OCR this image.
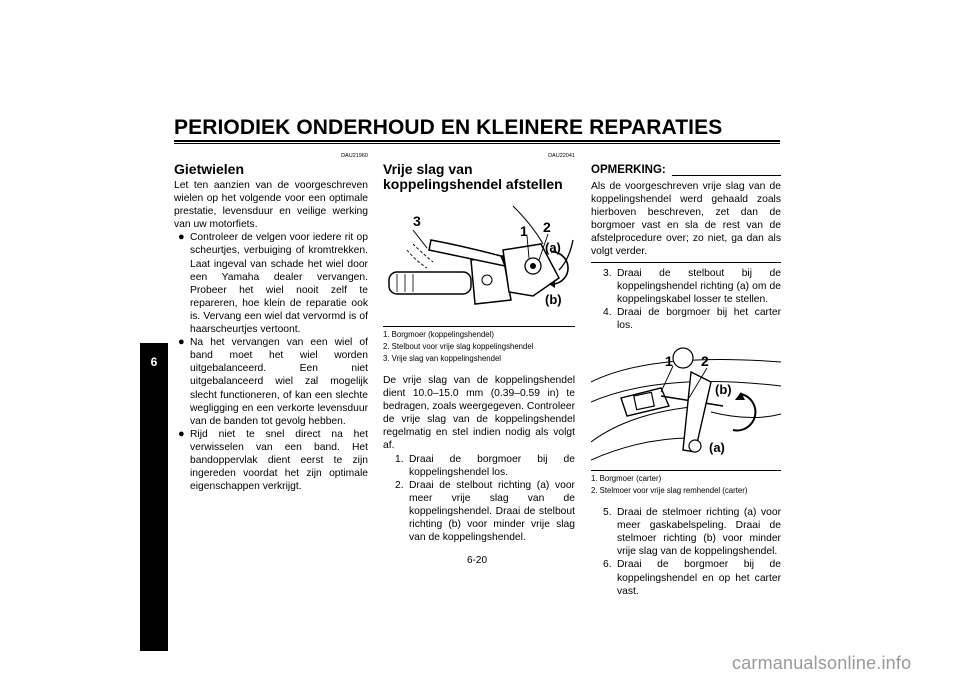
PERIODIEK ONDERHOUD EN KLEINERE REPARATIES
6
DAU21960
Gietwielen

Let ten aanzien van de voorgeschreven wielen op het volgende voor een optimale prestatie, levensduur en veilige werking van uw motorfiets.

● Controleer de velgen voor iedere rit op scheurtjes, verbuiging of kromtrekken. Laat ingeval van schade het wiel door een Yamaha dealer vervangen. Probeer het wiel nooit zelf te repareren, hoe klein de reparatie ook is. Vervang een wiel dat vervormd is of haarscheurtjes vertoont.
● Na het vervangen van een wiel of band moet het wiel worden uitgebalanceerd. Een niet uitgebalanceerd wiel zal mogelijk slecht functioneren, of kan een slechte wegligging en een verkorte levensduur van de banden tot gevolg hebben.
● Rijd niet te snel direct na het verwisselen van een band. Het bandoppervlak dient eerst te zijn ingereden voordat het zijn optimale eigenschappen verkrijgt.
DAU22041
Vrije slag van koppelingshendel afstellen
3
1 2
(a)
(b)
1. Borgmoer (koppelingshendel)
2. Stelbout voor vrije slag koppelingshendel
3. Vrije slag van koppelingshendel

De vrije slag van de koppelingshendel dient 10.0–15.0 mm (0.39–0.59 in) te bedragen, zoals weergegeven. Controleer de vrije slag van de koppelingshendel regelmatig en stel indien nodig als volgt af.

1. Draai de borgmoer bij de koppelingshendel los.
2. Draai de stelbout richting (a) voor meer vrije slag van de koppelingshendel. Draai de stelbout richting (b) voor minder vrije slag van de koppelingshendel.
OPMERKING:

Als de voorgeschreven vrije slag van de koppelingshendel werd gehaald zoals hierboven beschreven, zet dan de borgmoer vast en sla de rest van de afstelprocedure over; zo niet, ga dan als volgt verder.

3. Draai de stelbout bij de koppelingshendel richting (a) om de koppelingskabel losser te stellen.
4. Draai de borgmoer bij het carter los.
1 2
(b)
(a)
1. Borgmoer (carter)
2. Stelmoer voor vrije slag remhendel (carter)
5. Draai de stelmoer richting (a) voor meer gaskabelspeling. Draai de stelmoer richting (b) voor minder vrije slag van de koppelingshendel.
6. Draai de borgmoer bij de koppelingshendel en op het carter vast.
6-20
carmanualsonline.info
